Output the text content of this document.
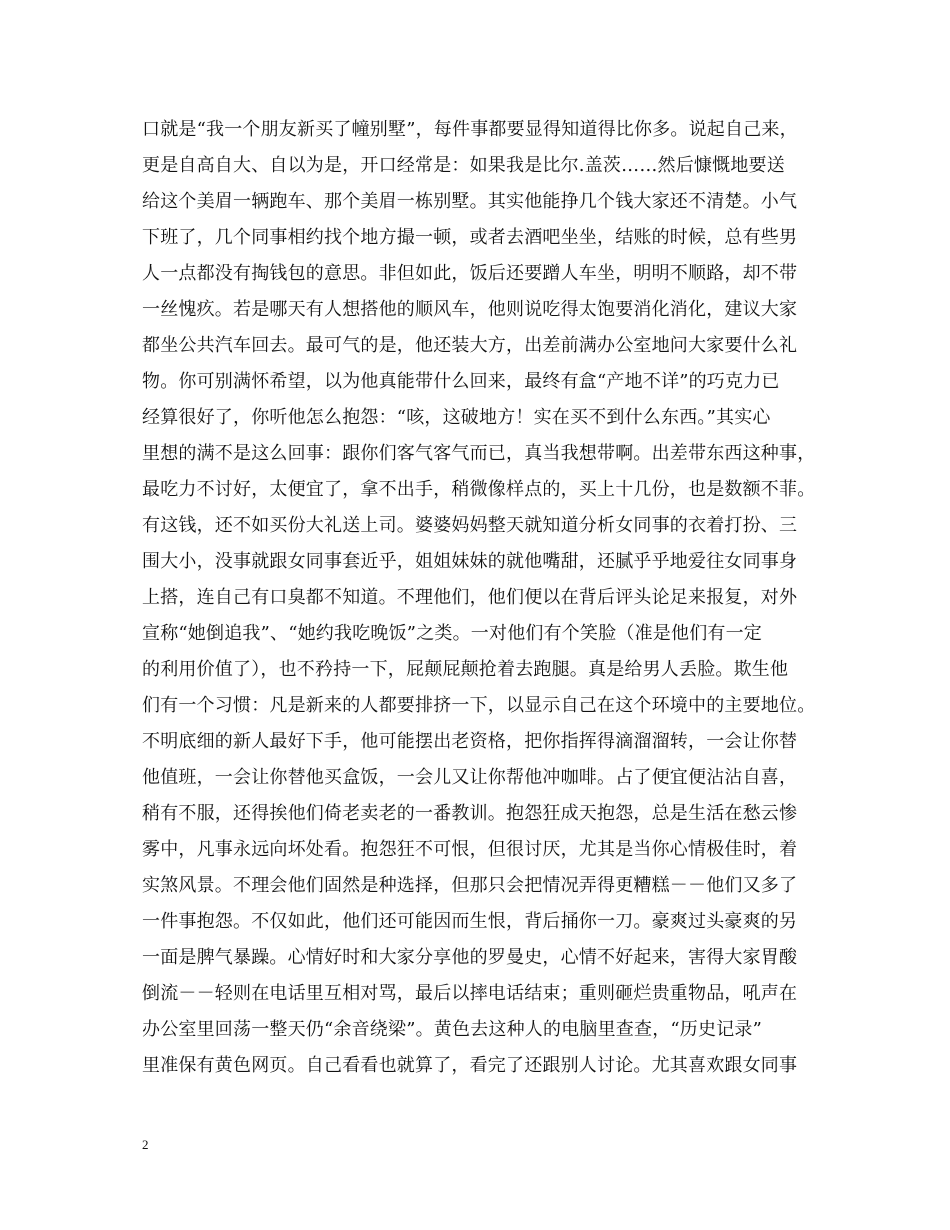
口就是“我一个朋友新买了幢别墅”，每件事都要显得知道得比你多。说起自己来，
更是自高自大、自以为是，开口经常是：如果我是比尔.盖茨……然后慷慨地要送
给这个美眉一辆跑车、那个美眉一栋别墅。其实他能挣几个钱大家还不清楚。小气
下班了，几个同事相约找个地方撮一顿，或者去酒吧坐坐，结账的时候，总有些男
人一点都没有掏钱包的意思。非但如此，饭后还要蹭人车坐，明明不顺路，却不带
一丝愧疚。若是哪天有人想搭他的顺风车，他则说吃得太饱要消化消化，建议大家
都坐公共汽车回去。最可气的是，他还装大方，出差前满办公室地问大家要什么礼
物。你可别满怀希望，以为他真能带什么回来，最终有盒“产地不详”的巧克力已
经算很好了，你听他怎么抱怨：“咳，这破地方！实在买不到什么东西。”其实心
里想的满不是这么回事：跟你们客气客气而已，真当我想带啊。出差带东西这种事，
最吃力不讨好，太便宜了，拿不出手，稍微像样点的，买上十几份，也是数额不菲。
有这钱，还不如买份大礼送上司。婆婆妈妈整天就知道分析女同事的衣着打扮、三
围大小，没事就跟女同事套近乎，姐姐妹妹的就他嘴甜，还腻乎乎地爱往女同事身
上搭，连自己有口臭都不知道。不理他们，他们便以在背后评头论足来报复，对外
宣称“她倒追我”、“她约我吃晚饭”之类。一对他们有个笑脸（准是他们有一定
的利用价值了），也不矜持一下，屁颠屁颠抢着去跑腿。真是给男人丢脸。欺生他
们有一个习惯：凡是新来的人都要排挤一下，以显示自己在这个环境中的主要地位。
不明底细的新人最好下手，他可能摆出老资格，把你指挥得滴溜溜转，一会让你替
他值班，一会让你替他买盒饭，一会儿又让你帮他冲咖啡。占了便宜便沾沾自喜，
稍有不服，还得挨他们倚老卖老的一番教训。抱怨狂成天抱怨，总是生活在愁云惨
雾中，凡事永远向坏处看。抱怨狂不可恨，但很讨厌，尤其是当你心情极佳时，着
实煞风景。不理会他们固然是种选择，但那只会把情况弄得更糟糕－－他们又多了
一件事抱怨。不仅如此，他们还可能因而生恨，背后捅你一刀。豪爽过头豪爽的另
一面是脾气暴躁。心情好时和大家分享他的罗曼史，心情不好起来，害得大家胃酸
倒流－－轻则在电话里互相对骂，最后以摔电话结束；重则砸烂贵重物品，吼声在
办公室里回荡一整天仍“余音绕梁”。黄色去这种人的电脑里查查，“历史记录”
里准保有黄色网页。自己看看也就算了，看完了还跟别人讨论。尤其喜欢跟女同事
2
